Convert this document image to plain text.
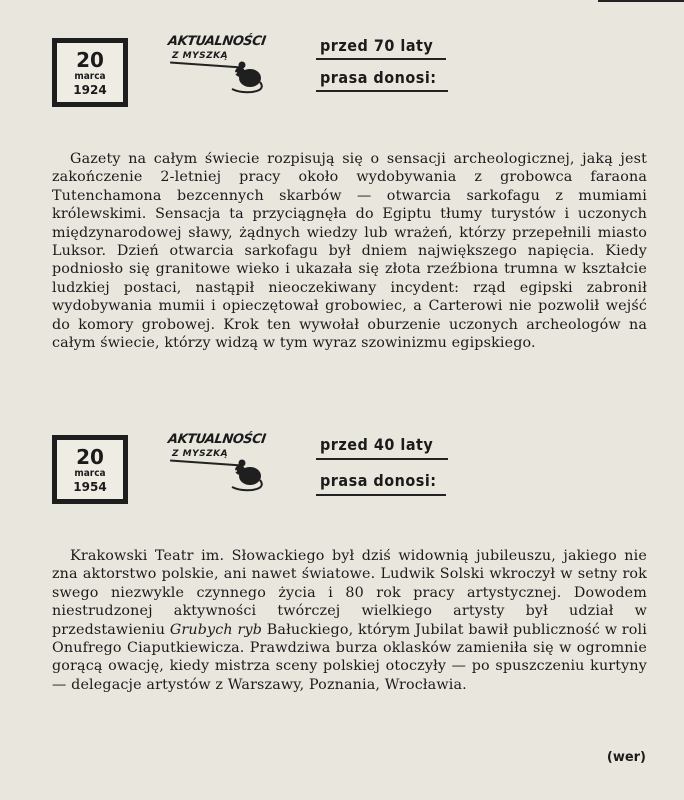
20
marca
1924
AKTUALNOŚCI
Z MYSZKĄ
przed 70 laty
prasa donosi:

Gazety na całym świecie rozpisują się o sensacji archeologicznej, jaką jest zakończenie 2-letniej pracy około wydobywania z grobowca faraona Tutenchamona bezcennych skarbów — otwarcia sarkofagu z mumiami królewskimi. Sensacja ta przyciągnęła do Egiptu tłumy turystów i uczonych międzynarodowej sławy, żądnych wiedzy lub wrażeń, którzy przepełnili miasto Luksor. Dzień otwarcia sarkofagu był dniem największego napięcia. Kiedy podniosło się granitowe wieko i ukazała się złota rzeźbiona trumna w kształcie ludzkiej postaci, nastąpił nieoczekiwany incydent: rząd egipski zabronił wydobywania mumii i opieczętował grobowiec, a Carterowi nie pozwolił wejść do komory grobowej. Krok ten wywołał oburzenie uczonych archeologów na całym świecie, którzy widzą w tym wyraz szowinizmu egipskiego.

20
marca
1954
AKTUALNOŚCI
Z MYSZKĄ	przed 40 laty
prasa donosi:

Krakowski Teatr im. Słowackiego był dziś widownią jubileuszu, jakiego nie zna aktorstwo polskie, ani nawet światowe. Ludwik Solski wkroczył w setny rok swego niezwykle czynnego życia i 80 rok pracy artystycznej. Dowodem niestrudzonej aktywności twórczej wielkiego artysty był udział w przedstawieniu Grubych ryb Bałuckiego, którym Jubilat bawił publiczność w roli Onufrego Ciaputkiewicza. Prawdziwa burza oklasków zamieniła się w ogromnie gorącą owację, kiedy mistrza sceny polskiej otoczyły — po spuszczeniu kurtyny — delegacje artystów z Warszawy, Poznania, Wrocławia.

(wer)
